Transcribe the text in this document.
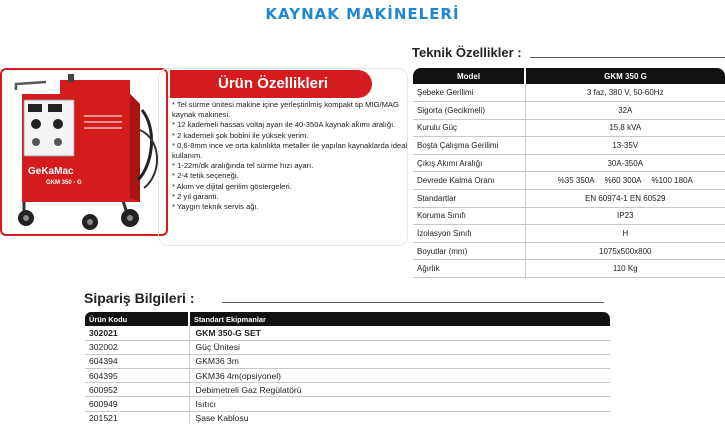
KAYNAK MAKİNELERİ
GeKaMac
GKM 350 - G
Ürün Özellikleri
* Tel sürme ünitesi makine içine yerleştirilmiş kompakt tip MIG/MAG kaynak makinesi.
* 12 kademeli hassas voltaj ayarı ile 40-350A kaynak akımı aralığı.
* 2 kademeli şok bobini ile yüksek verim.
* 0,6-8mm ince ve orta kalınlıkta metaller ile yapılan kaynaklarda ideal kullanım.
* 1-22m/dk aralığında tel sürme hızı ayarı.
* 2-4 tetik seçeneği.
* Akım ve dijital gerilim göstergeleri.
* 2 yıl garanti.
* Yaygın teknik servis ağı.
Teknik Özellikler :
Model	GKM 350 G
Şebeke Gerilimi	3 faz, 380 V, 50-60Hz
Sigorta (Gecikmeli)	32A
Kurulu Güç	15.8 kVA
Boşta Çalışma Gerilimi	13-35V
Çıkış Akımı Aralığı	30A-350A
Devrede Kalma Oranı	%35 350A %60 300A %100 180A
Standartlar	EN 60974-1 EN 60529
Koruma Sınıfı	IP23
İzolasyon Sınıfı	H
Boyutlar (mm)	1075x500x800
Ağırlık	110 Kg
Sipariş Bilgileri :
Ürün Kodu	Standart Ekipmanlar
302021	GKM 350-G SET
302002	Güç Ünitesi
604394	GKM36 3m
604395	GKM36 4m(opsiyonel)
600952	Debimetreli Gaz Regülatörü
600949	Isıtıcı
201521	Şase Kablosu
